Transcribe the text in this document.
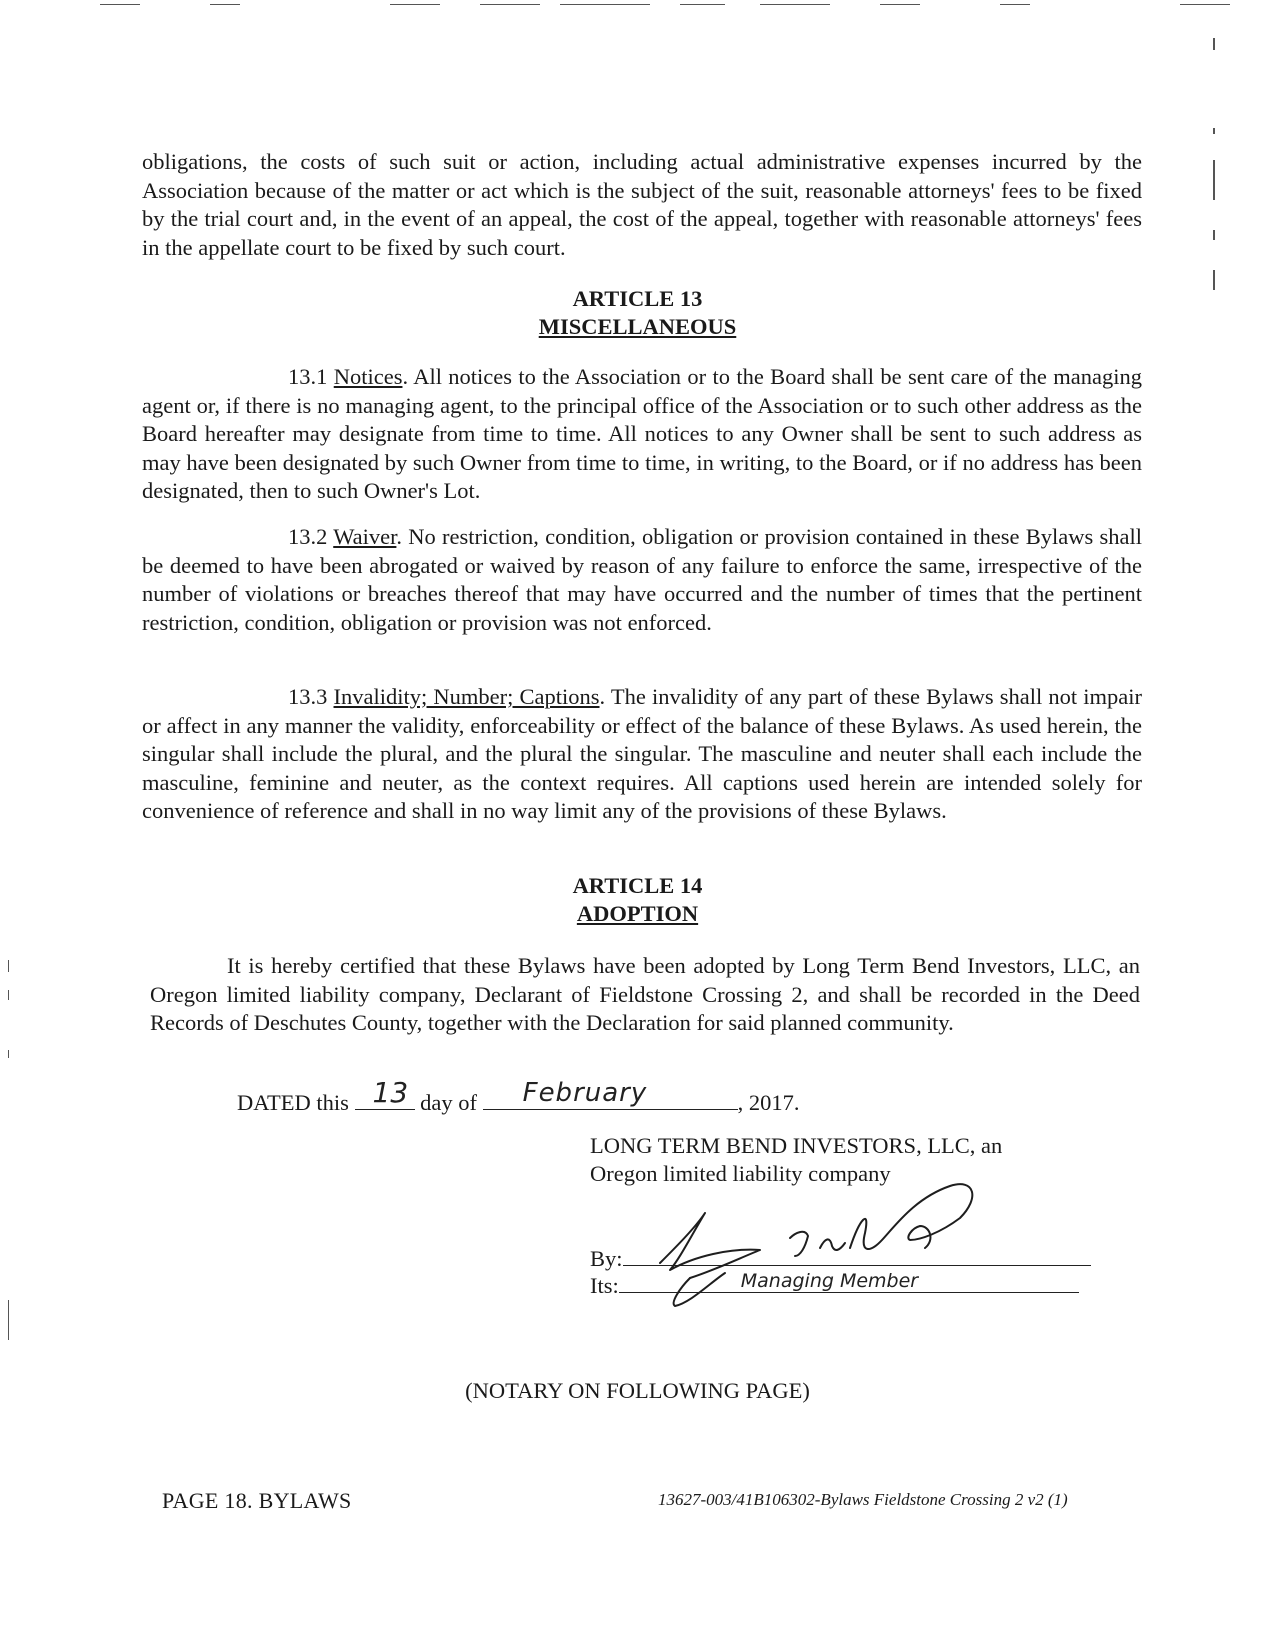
obligations, the costs of such suit or action, including actual administrative expenses incurred by the Association because of the matter or act which is the subject of the suit, reasonable attorneys' fees to be fixed by the trial court and, in the event of an appeal, the cost of the appeal, together with reasonable attorneys' fees in the appellate court to be fixed by such court.

ARTICLE 13
MISCELLANEOUS

13.1 Notices. All notices to the Association or to the Board shall be sent care of the managing agent or, if there is no managing agent, to the principal office of the Association or to such other address as the Board hereafter may designate from time to time. All notices to any Owner shall be sent to such address as may have been designated by such Owner from time to time, in writing, to the Board, or if no address has been designated, then to such Owner's Lot.

13.2 Waiver. No restriction, condition, obligation or provision contained in these Bylaws shall be deemed to have been abrogated or waived by reason of any failure to enforce the same, irrespective of the number of violations or breaches thereof that may have occurred and the number of times that the pertinent restriction, condition, obligation or provision was not enforced.

13.3 Invalidity; Number; Captions. The invalidity of any part of these Bylaws shall not impair or affect in any manner the validity, enforceability or effect of the balance of these Bylaws. As used herein, the singular shall include the plural, and the plural the singular. The masculine and neuter shall each include the masculine, feminine and neuter, as the context requires. All captions used herein are intended solely for convenience of reference and shall in no way limit any of the provisions of these Bylaws.

ARTICLE 14
ADOPTION

It is hereby certified that these Bylaws have been adopted by Long Term Bend Investors, LLC, an Oregon limited liability company, Declarant of Fieldstone Crossing 2, and shall be recorded in the Deed Records of Deschutes County, together with the Declaration for said planned community.

DATED this 13 day of February	, 2017.
LONG TERM BEND INVESTORS, LLC, an
Oregon limited liability company
By:
Its:	Managing Member
(NOTARY ON FOLLOWING PAGE)
PAGE 18. BYLAWS	13627-003/41B106302-Bylaws Fieldstone Crossing 2 v2 (1)
